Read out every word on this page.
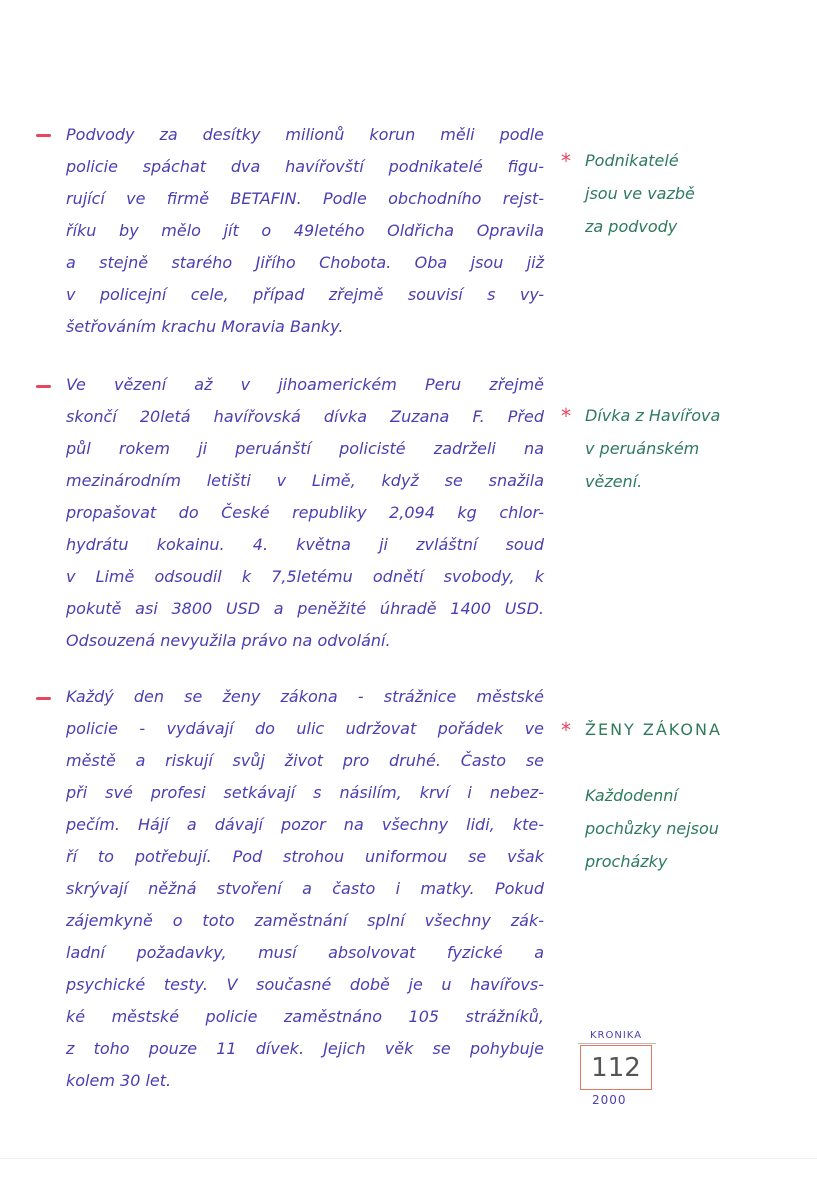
Podvody za desítky milionů korun měli podle
policie spáchat dva havířovští podnikatelé figu-
rující ve firmě BETAFIN. Podle obchodního rejst-
říku by mělo jít o 49letého Oldřicha Opravila
a stejně starého Jiřího Chobota. Oba jsou již
v policejní cele, případ zřejmě souvisí s vy-
šetřováním krachu Moravia Banky.
* Podnikatelé
jsou ve vazbě
za podvody
Ve vězení až v jihoamerickém Peru zřejmě
skončí 20letá havířovská dívka Zuzana F. Před
půl rokem ji peruánští policisté zadrželi na
mezinárodním letišti v Limě, když se snažila
propašovat do České republiky 2,094 kg chlor-
hydrátu kokainu. 4. května ji zvláštní soud
v Limě odsoudil k 7,5letému odnětí svobody, k
pokutě asi 3800 USD a peněžité úhradě 1400 USD.
Odsouzená nevyužila právo na odvolání.
* Dívka z Havířova
v peruánském
vězení.
Každý den se ženy zákona - strážnice městské
policie - vydávají do ulic udržovat pořádek ve
městě a riskují svůj život pro druhé. Často se
při své profesi setkávají s násilím, krví i nebez-
pečím. Hájí a dávají pozor na všechny lidi, kte-
ří to potřebují. Pod strohou uniformou se však
skrývají něžná stvoření a často i matky. Pokud
zájemkyně o toto zaměstnání splní všechny zák-
ladní požadavky, musí absolvovat fyzické a
psychické testy. V současné době je u havířovs-
ké městské policie zaměstnáno 105 strážníků,
z toho pouze 11 dívek. Jejich věk se pohybuje
kolem 30 let.
* ŽENY ZÁKONA
Každodenní
pochůzky nejsou
procházky
KRONIKA
112
2000
